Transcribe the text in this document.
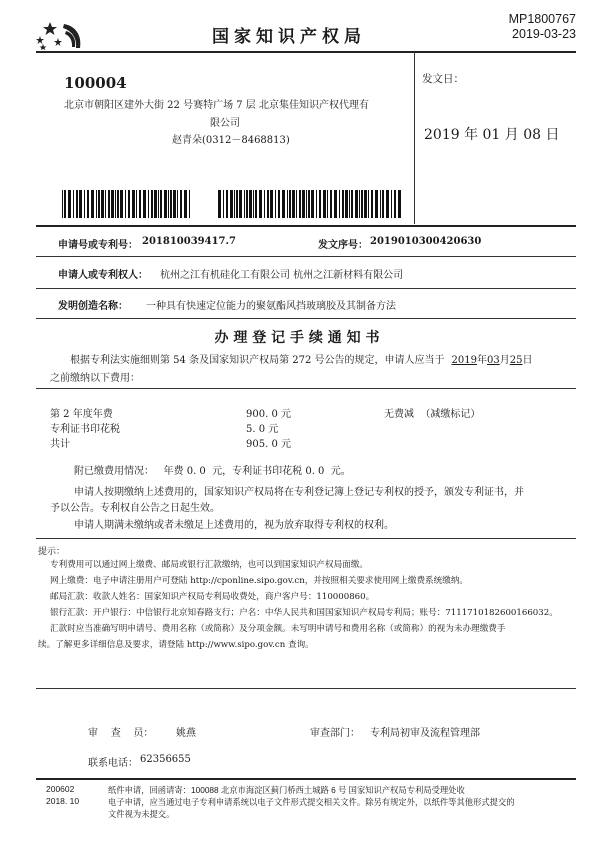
国家知识产权局
MP1800767
2019-03-23
100004
北京市朝阳区建外大街 22 号赛特广场 7 层 北京集佳知识产权代理有
限公司
赵青朵(0312－8468813)
发文日：
2019 年 01 月 08 日
申请号或专利号： 201810039417.7	发文序号： 2019010300420630
申请人或专利权人： 杭州之江有机硅化工有限公司 杭州之江新材料有限公司
发明创造名称： 一种具有快速定位能力的聚氨酯风挡玻璃胶及其制备方法
办 理 登 记 手 续 通 知 书
根据专利法实施细则第 54 条及国家知识产权局第 272 号公告的规定，申请人应当于 2019年03月25日
之前缴纳以下费用：
第 2 年度年费	900. 0 元	无费减  （减缴标记）
专利证书印花税	5. 0 元
共计	905. 0 元
附已缴费用情况：   年费 0. 0  元，专利证书印花税 0. 0  元。
申请人按期缴纳上述费用的，国家知识产权局将在专利登记簿上登记专利权的授予，颁发专利证书，并
予以公告。专利权自公告之日起生效。
申请人期满未缴纳或者未缴足上述费用的，视为放弃取得专利权的权利。
提示：
专利费用可以通过网上缴费、邮局或银行汇款缴纳，也可以到国家知识产权局面缴。
网上缴费：电子申请注册用户可登陆 http://cponline.sipo.gov.cn，并按照相关要求使用网上缴费系统缴纳。
邮局汇款：收款人姓名：国家知识产权局专利局收费处，商户客户号：110000860。
银行汇款：开户银行：中信银行北京知春路支行；户名：中华人民共和国国家知识产权局专利局；账号：7111710182600166032。
汇款时应当准确写明申请号、费用名称（或简称）及分项金额。未写明申请号和费用名称（或简称）的视为未办理缴费手
续。了解更多详细信息及要求，请登陆 http://www.sipo.gov.cn 查询。
审    查    员： 姚燕	审查部门： 专利局初审及流程管理部
联系电话： 62356655
200602
2018. 10
纸件申请，回函请寄：100088 北京市海淀区蓟门桥西土城路 6 号 国家知识产权局专利局受理处收
电子申请，应当通过电子专利申请系统以电子文件形式提交相关文件。除另有规定外，以纸件等其他形式提交的
文件视为未提交。
